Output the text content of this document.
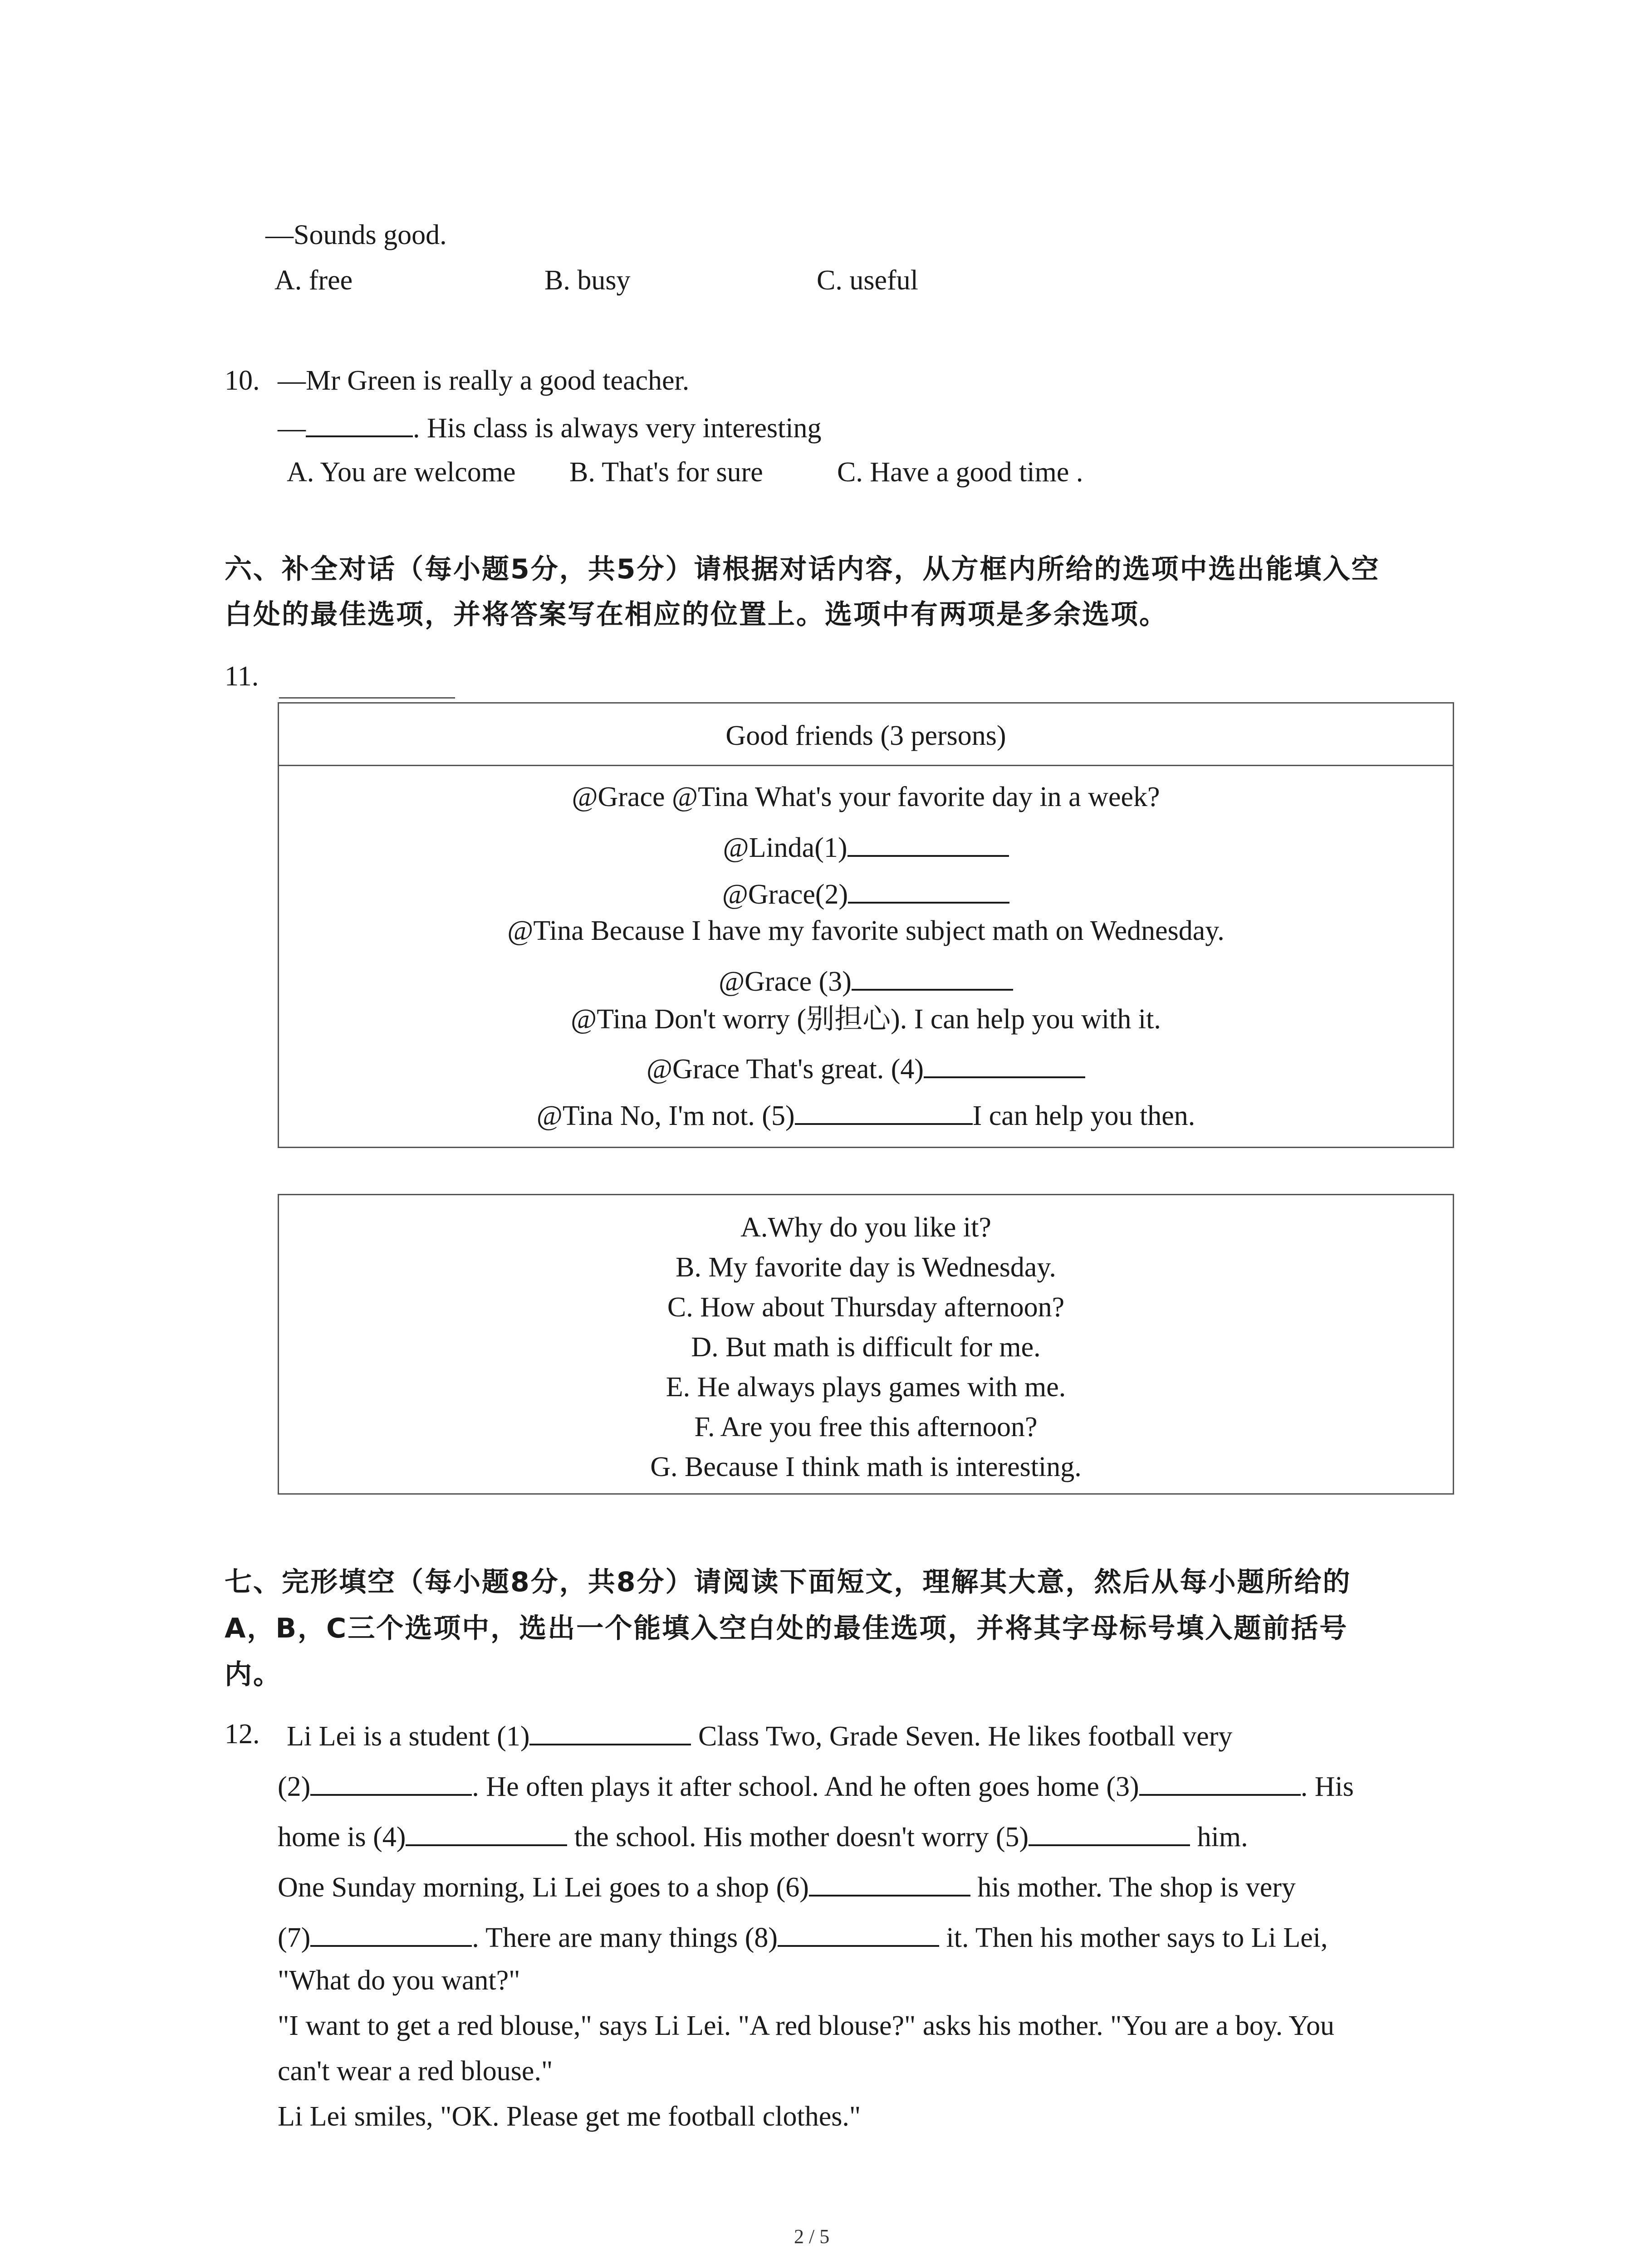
—Sounds good.
A. free	B. busy	C. useful
10. —Mr Green is really a good teacher.
—	. His class is always very interesting
A. You are welcome B. That's for sure	C. Have a good time .
六、补全对话（每小题5分，共5分）请根据对话内容，从方框内所给的选项中选出能填入空
白处的最佳选项，并将答案写在相应的位置上。选项中有两项是多余选项。
11.
Good friends (3 persons)
@Grace @Tina What's your favorite day in a week?
@Linda(1)
@Grace(2)
@Tina Because I have my favorite subject math on Wednesday.
@Grace (3)
@Tina Don't worry (别担心). I can help you with it.
@Grace That's great. (4)
@Tina No, I'm not. (5)	I can help you then.
A.Why do you like it?
B. My favorite day is Wednesday.
C. How about Thursday afternoon?
D. But math is difficult for me.
E. He always plays games with me.
F. Are you free this afternoon?
G. Because I think math is interesting.
七、完形填空（每小题8分，共8分）请阅读下面短文，理解其大意，然后从每小题所给的
A，B，C三个选项中，选出一个能填入空白处的最佳选项，并将其字母标号填入题前括号
内。
12. Li Lei is a student (1)	Class Two, Grade Seven. He likes football very
(2)	. He often plays it after school. And he often goes home (3)	. His
home is (4)	the school. His mother doesn't worry (5)	him.
One Sunday morning, Li Lei goes to a shop (6)	his mother. The shop is very
(7)	. There are many things (8)	it. Then his mother says to Li Lei,
"What do you want?"
"I want to get a red blouse," says Li Lei. "A red blouse?" asks his mother. "You are a boy. You
can't wear a red blouse."
Li Lei smiles, "OK. Please get me football clothes."
2 / 5
